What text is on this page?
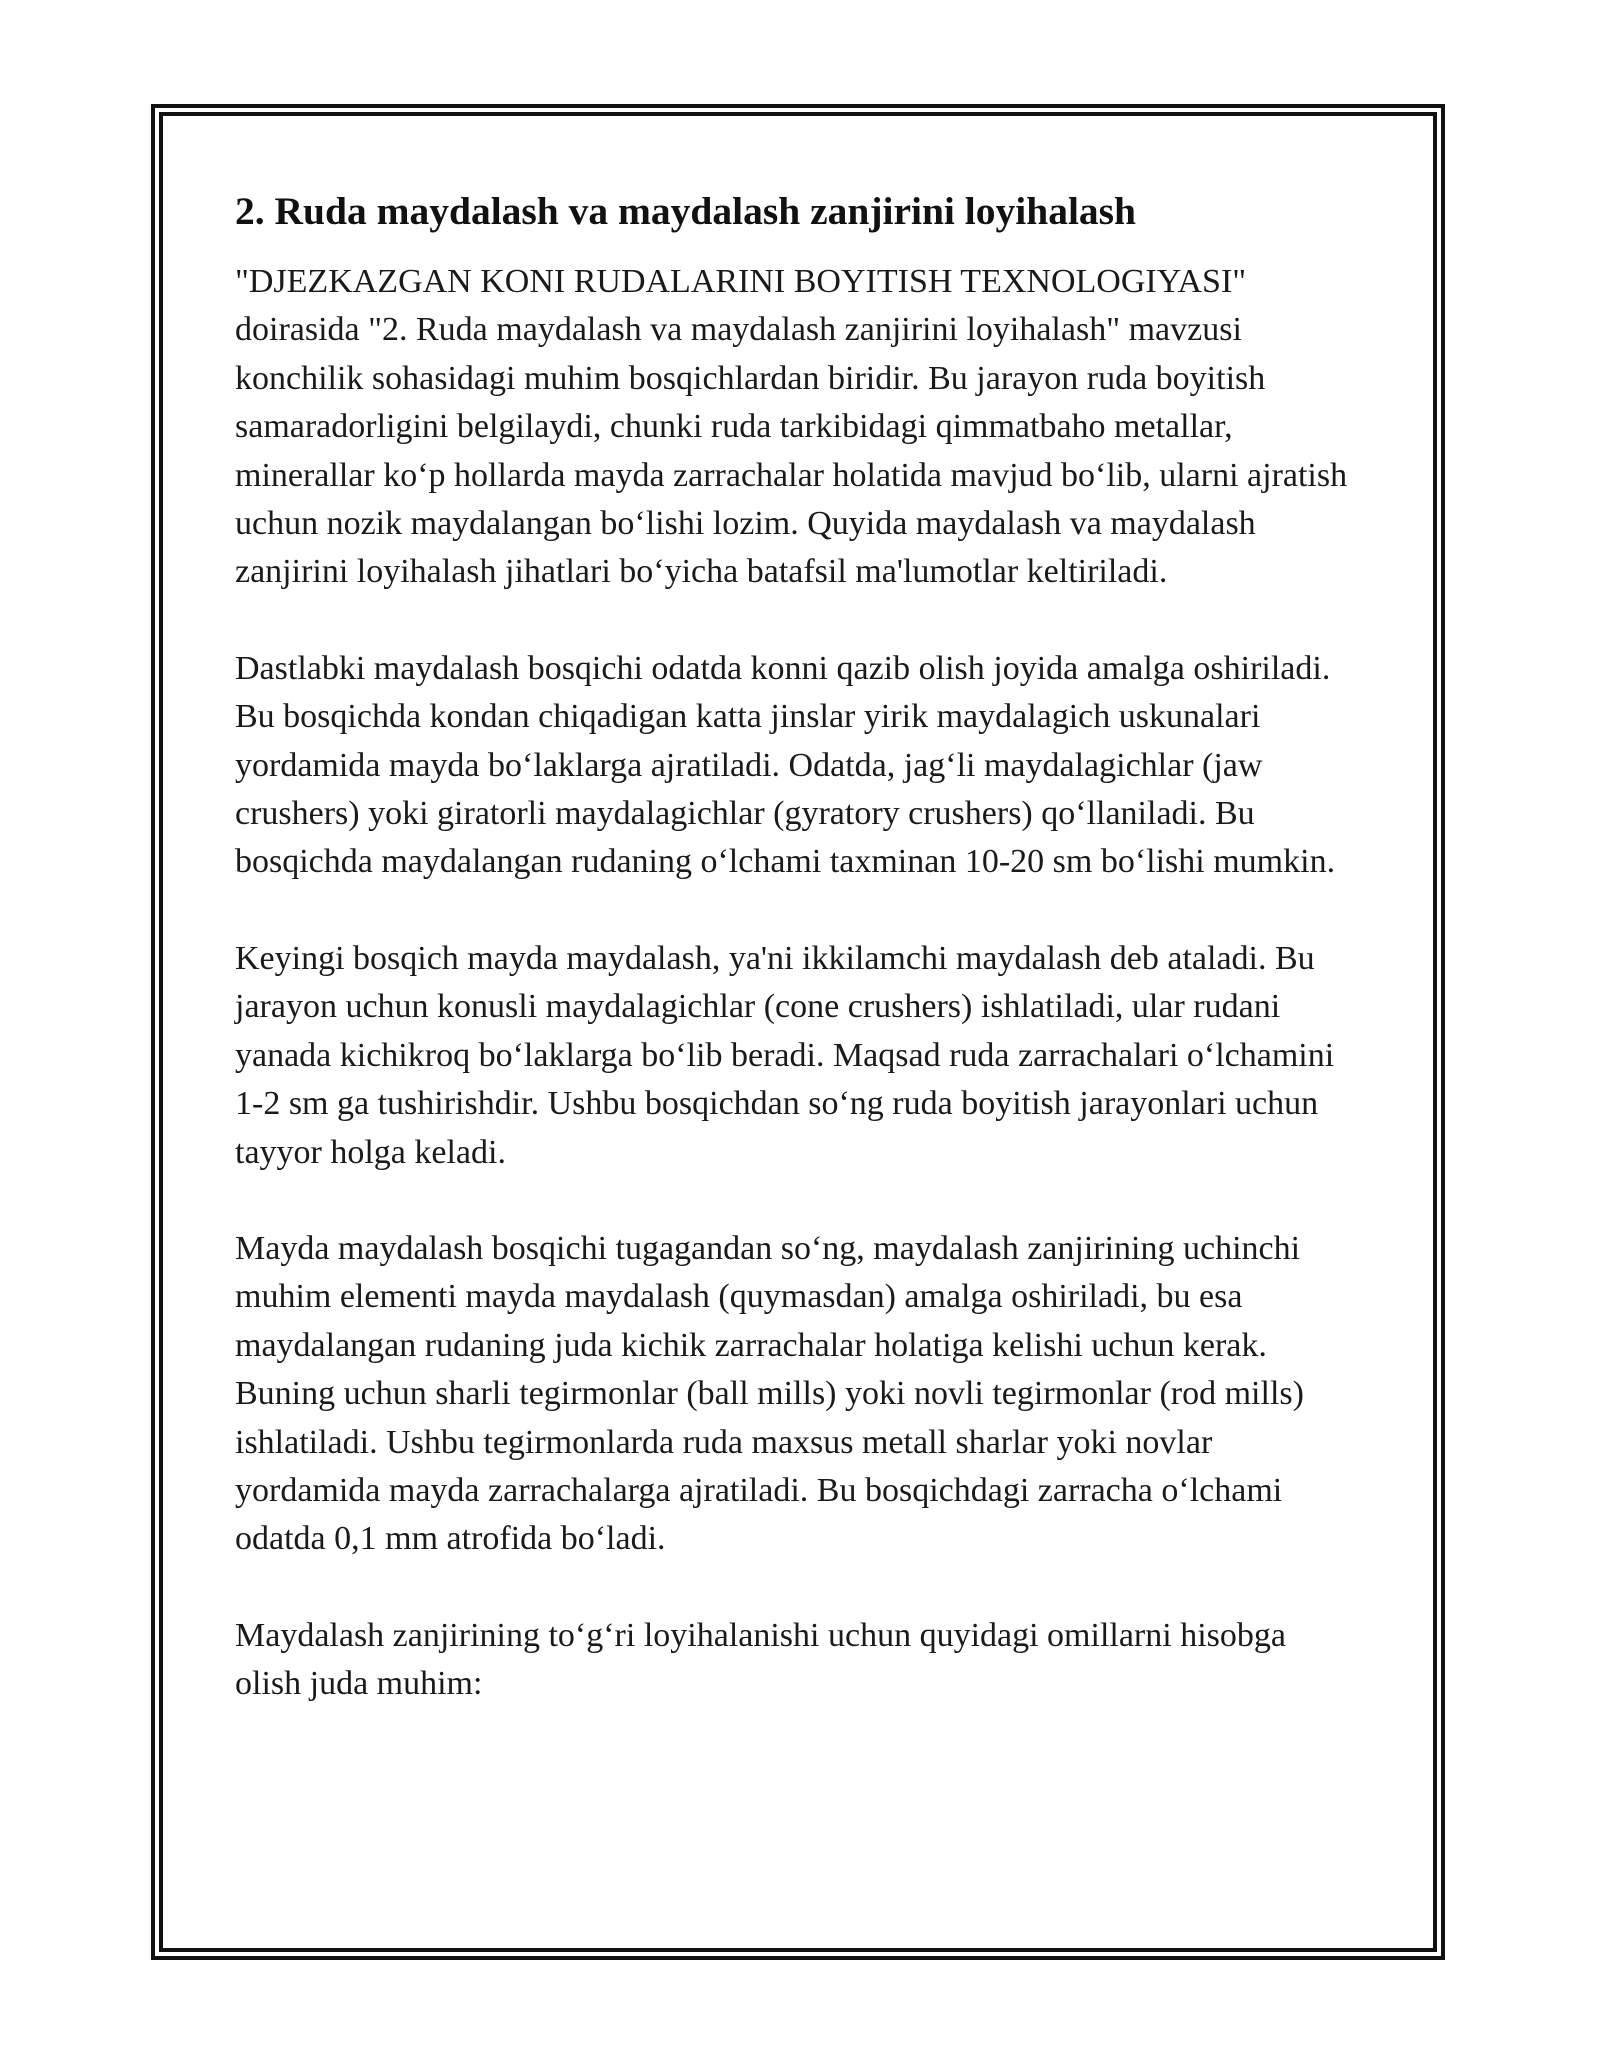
2. Ruda maydalash va maydalash zanjirini loyihalash

"DJEZKAZGAN KONI RUDALARINI BOYITISH TEXNOLOGIYASI" doirasida "2. Ruda maydalash va maydalash zanjirini loyihalash" mavzusi konchilik sohasidagi muhim bosqichlardan biridir. Bu jarayon ruda boyitish samaradorligini belgilaydi, chunki ruda tarkibidagi qimmatbaho metallar, minerallar koʻp hollarda mayda zarrachalar holatida mavjud boʻlib, ularni ajratish uchun nozik maydalangan boʻlishi lozim. Quyida maydalash va maydalash zanjirini loyihalash jihatlari boʻyicha batafsil ma'lumotlar keltiriladi.

Dastlabki maydalash bosqichi odatda konni qazib olish joyida amalga oshiriladi. Bu bosqichda kondan chiqadigan katta jinslar yirik maydalagich uskunalari yordamida mayda boʻlaklarga ajratiladi. Odatda, jagʻli maydalagichlar (jaw crushers) yoki giratorli maydalagichlar (gyratory crushers) qoʻllaniladi. Bu bosqichda maydalangan rudaning oʻlchami taxminan 10-20 sm boʻlishi mumkin.

Keyingi bosqich mayda maydalash, ya'ni ikkilamchi maydalash deb ataladi. Bu jarayon uchun konusli maydalagichlar (cone crushers) ishlatiladi, ular rudani yanada kichikroq boʻlaklarga boʻlib beradi. Maqsad ruda zarrachalari oʻlchamini 1-2 sm ga tushirishdir. Ushbu bosqichdan soʻng ruda boyitish jarayonlari uchun tayyor holga keladi.

Mayda maydalash bosqichi tugagandan soʻng, maydalash zanjirining uchinchi muhim elementi mayda maydalash (quymasdan) amalga oshiriladi, bu esa maydalangan rudaning juda kichik zarrachalar holatiga kelishi uchun kerak. Buning uchun sharli tegirmonlar (ball mills) yoki novli tegirmonlar (rod mills) ishlatiladi. Ushbu tegirmonlarda ruda maxsus metall sharlar yoki novlar yordamida mayda zarrachalarga ajratiladi. Bu bosqichdagi zarracha oʻlchami odatda 0,1 mm atrofida boʻladi.

Maydalash zanjirining toʻgʻri loyihalanishi uchun quyidagi omillarni hisobga olish juda muhim:
